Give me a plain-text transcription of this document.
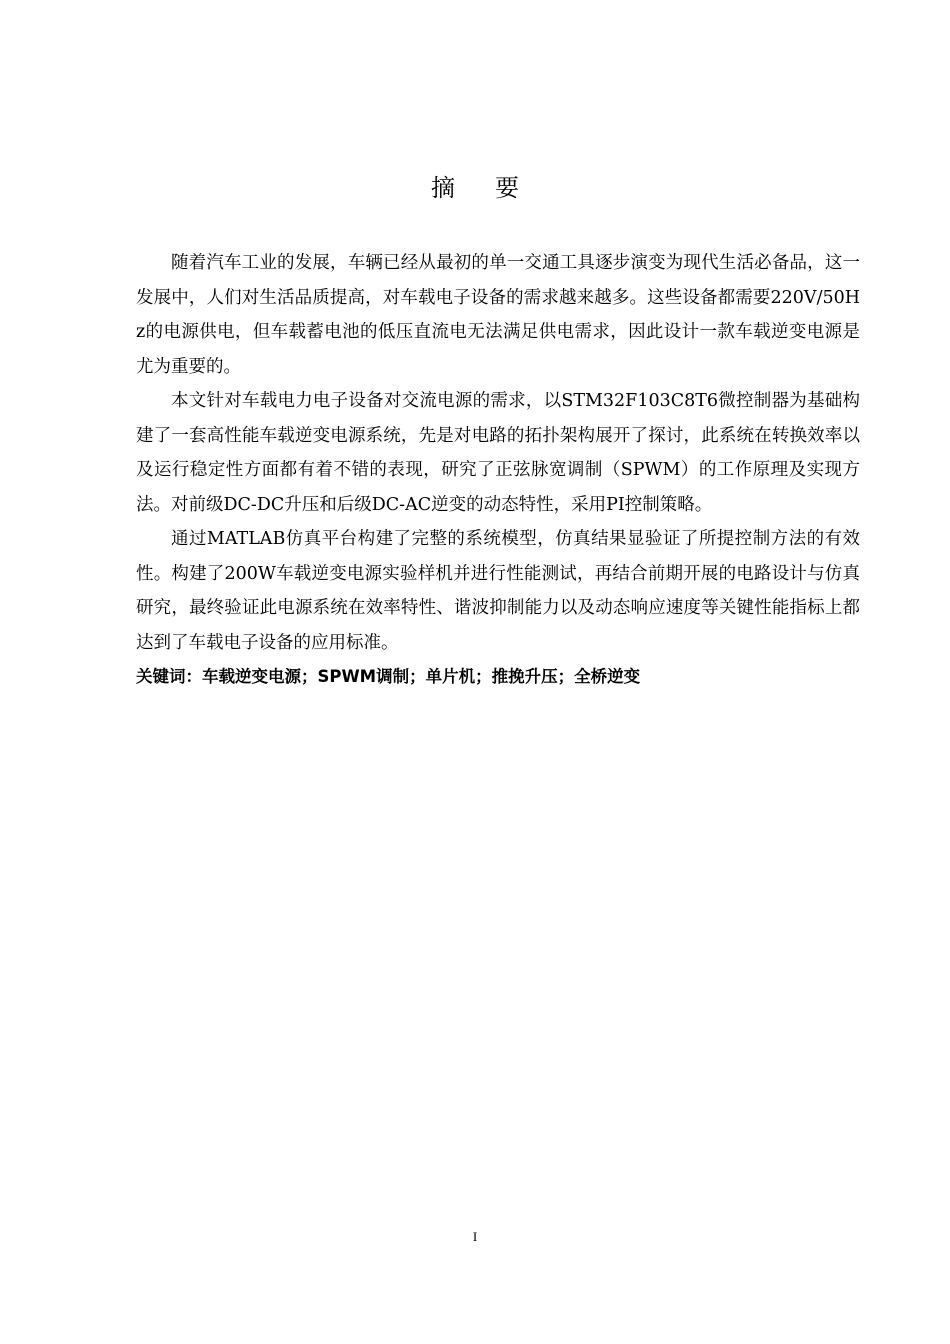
摘 要

随着汽车工业的发展，车辆已经从最初的单一交通工具逐步演变为现代生活必备品，这一发展中，人们对生活品质提高，对车载电子设备的需求越来越多。这些设备都需要220V/50Hz的电源供电，但车载蓄电池的低压直流电无法满足供电需求，因此设计一款车载逆变电源是尤为重要的。

本文针对车载电力电子设备对交流电源的需求，以STM32F103C8T6微控制器为基础构建了一套高性能车载逆变电源系统，先是对电路的拓扑架构展开了探讨，此系统在转换效率以及运行稳定性方面都有着不错的表现，研究了正弦脉宽调制（SPWM）的工作原理及实现方法。对前级DC-DC升压和后级DC-AC逆变的动态特性，采用PI控制策略。

通过MATLAB仿真平台构建了完整的系统模型，仿真结果显验证了所提控制方法的有效性。构建了200W车载逆变电源实验样机并进行性能测试，再结合前期开展的电路设计与仿真研究，最终验证此电源系统在效率特性、谐波抑制能力以及动态响应速度等关键性能指标上都达到了车载电子设备的应用标准。

关键词：车载逆变电源；SPWM调制；单片机；推挽升压；全桥逆变

I
